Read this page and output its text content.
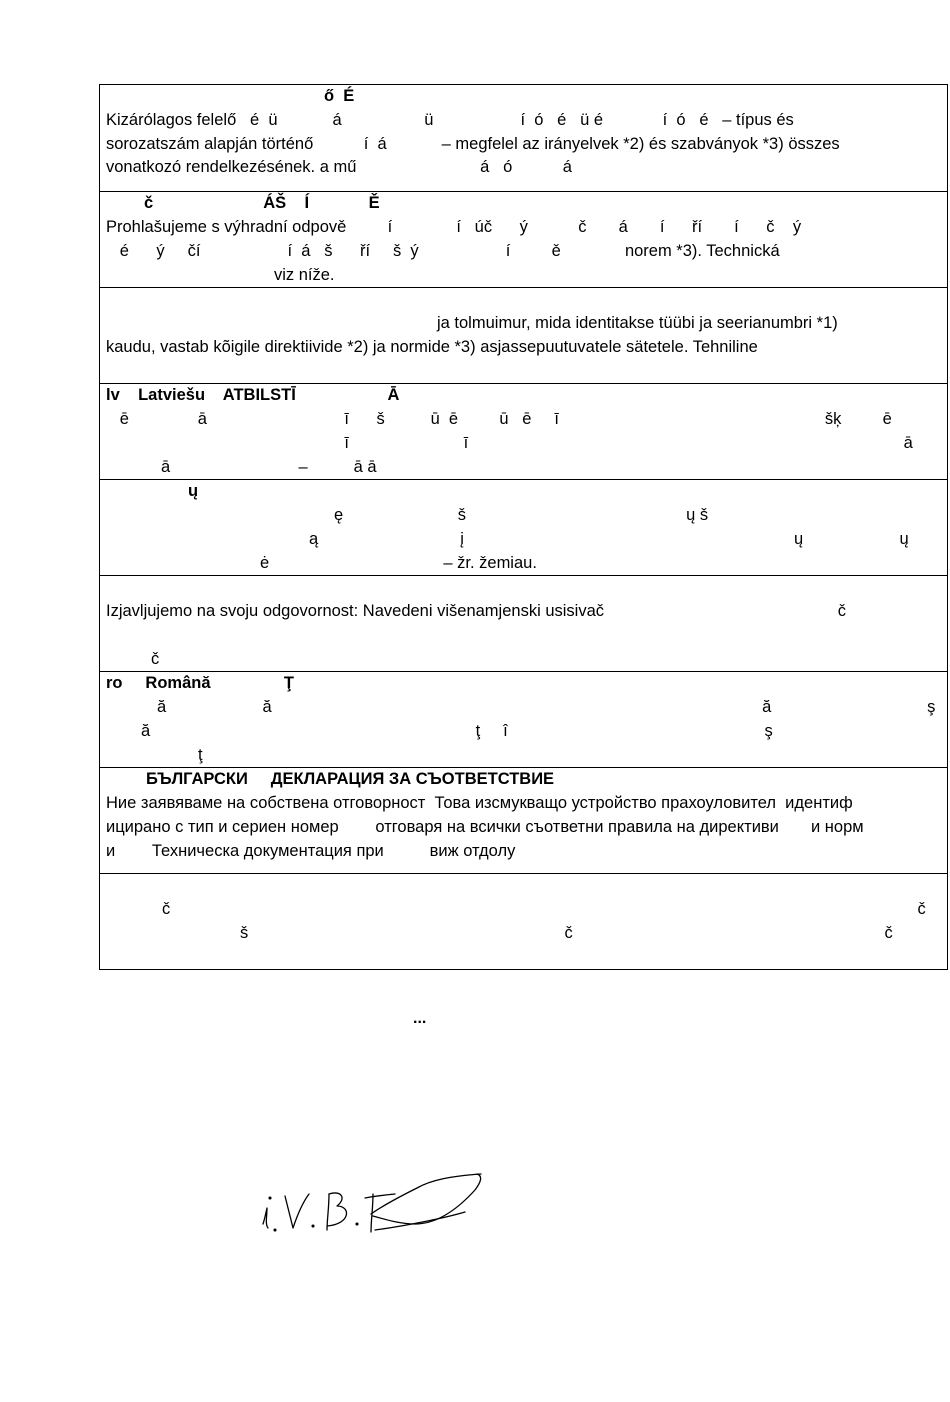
ő  É
Kizárólagos felelő   é  ü            á                  ü                   í  ó   é   ü é             í  ó   é   – típus és
sorozatszám alapján történő           í  á            – megfelel az irányelvek *2) és szabványok *3) összes
vonatkozó rendelkezésének. a mű                           á   ó           á
č                        ÁŠ    Í             Ě
Prohlašujeme s výhradní odpově         í              í   úč      ý           č       á       í      ří       í      č    ý
é      ý     čí                   í  á   š      ří     š  ý                   í         ě              norem *3). Technická
viz níže.
ja tolmuimur, mida identitakse tüübi ja seerianumbri *1)
kaudu, vastab kõigile direktiivide *2) ja normide *3) asjassepuutuvatele sätetele. Tehniline
lv    Latviešu    ATBILSTĪ                    Ā
ē               ā                              ī      š          ū  ē         ū   ē     ī                                                          šķ         ē
ī                         ī                                                                                               ā
ā                            –          ā ā
ų
ę                         š                                                ų š
ą                               į                                                                        ų                     ų
ė                                      – žr. žemiau.
Izjavljujemo na svoju odgovornost: Navedeni višenamjenski usisivač                                                   č
č
ro     Română                Ţ
ă                     ă                                                                                                           ă                                  ş
ă                                                                       ţ     î                                                        ş
ţ
БЪЛГАРСКИ     ДЕКЛАРАЦИЯ ЗА СЪОТВЕТСТВИЕ
Ние заявяваме на собствена отговорност  Това изсмукващо устройство прахоуловител  идентиф
ицирано с тип и сериен номер        отговаря на всички съответни правила на директиви       и норм
и        Техническа документация при          виж отдолу
č                                                                                                                                                                   č
š                                                                     č                                                                    č
...
